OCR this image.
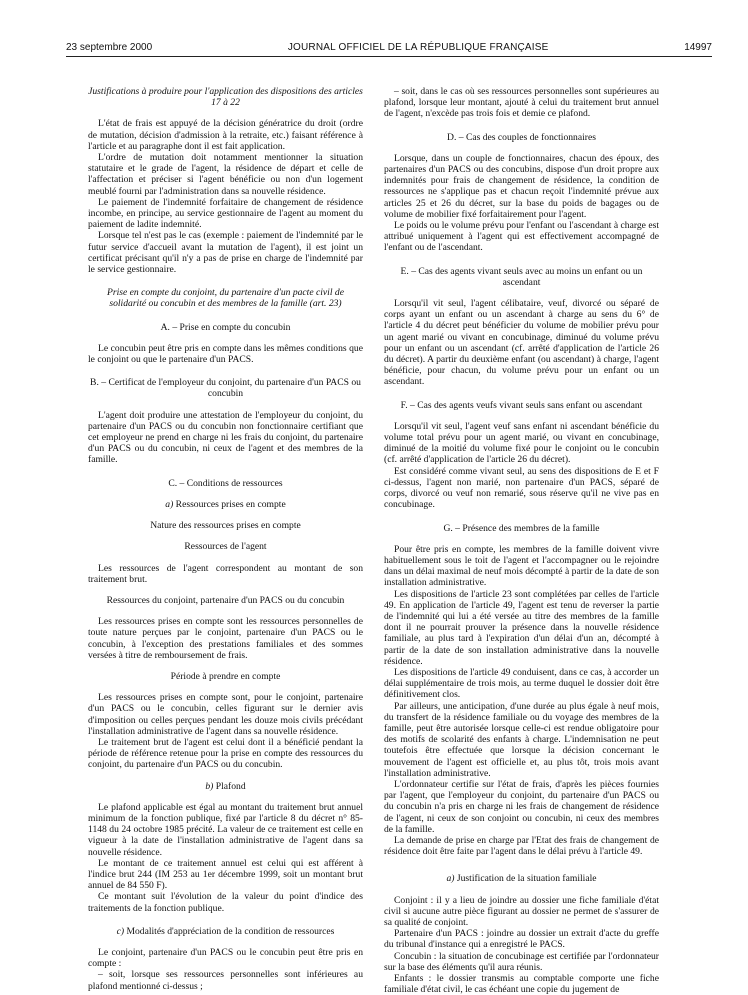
23 septembre 2000	JOURNAL OFFICIEL DE LA RÉPUBLIQUE FRANÇAISE	14997

Justifications à produire pour l'application des dispositions des articles 17 à 22

L'état de frais est appuyé de la décision génératrice du droit (ordre de mutation, décision d'admission à la retraite, etc.) faisant référence à l'article et au paragraphe dont il est fait application.

L'ordre de mutation doit notamment mentionner la situation statutaire et le grade de l'agent, la résidence de départ et celle de l'affectation et préciser si l'agent bénéficie ou non d'un logement meublé fourni par l'administration dans sa nouvelle résidence.

Le paiement de l'indemnité forfaitaire de changement de résidence incombe, en principe, au service gestionnaire de l'agent au moment du paiement de ladite indemnité.

Lorsque tel n'est pas le cas (exemple : paiement de l'indemnité par le futur service d'accueil avant la mutation de l'agent), il est joint un certificat précisant qu'il n'y a pas de prise en charge de l'indemnité par le service gestionnaire.

Prise en compte du conjoint, du partenaire d'un pacte civil de solidarité ou concubin et des membres de la famille (art. 23)

A. – Prise en compte du concubin

Le concubin peut être pris en compte dans les mêmes conditions que le conjoint ou que le partenaire d'un PACS.

B. – Certificat de l'employeur du conjoint, du partenaire d'un PACS ou concubin

L'agent doit produire une attestation de l'employeur du conjoint, du partenaire d'un PACS ou du concubin non fonctionnaire certifiant que cet employeur ne prend en charge ni les frais du conjoint, du partenaire d'un PACS ou du concubin, ni ceux de l'agent et des membres de la famille.

C. – Conditions de ressources

a) Ressources prises en compte

Nature des ressources prises en compte

Ressources de l'agent

Les ressources de l'agent correspondent au montant de son traitement brut.

Ressources du conjoint, partenaire d'un PACS ou du concubin

Les ressources prises en compte sont les ressources personnelles de toute nature perçues par le conjoint, partenaire d'un PACS ou le concubin, à l'exception des prestations familiales et des sommes versées à titre de remboursement de frais.

Période à prendre en compte

Les ressources prises en compte sont, pour le conjoint, partenaire d'un PACS ou le concubin, celles figurant sur le dernier avis d'imposition ou celles perçues pendant les douze mois civils précédant l'installation administrative de l'agent dans sa nouvelle résidence.

Le traitement brut de l'agent est celui dont il a bénéficié pendant la période de référence retenue pour la prise en compte des ressources du conjoint, du partenaire d'un PACS ou du concubin.

b) Plafond

Le plafond applicable est égal au montant du traitement brut annuel minimum de la fonction publique, fixé par l'article 8 du décret n° 85-1148 du 24 octobre 1985 précité. La valeur de ce traitement est celle en vigueur à la date de l'installation administrative de l'agent dans sa nouvelle résidence.

Le montant de ce traitement annuel est celui qui est afférent à l'indice brut 244 (IM 253 au 1er décembre 1999, soit un montant brut annuel de 84 550 F).

Ce montant suit l'évolution de la valeur du point d'indice des traitements de la fonction publique.

c) Modalités d'appréciation de la condition de ressources

Le conjoint, partenaire d'un PACS ou le concubin peut être pris en compte :

– soit, lorsque ses ressources personnelles sont inférieures au plafond mentionné ci-dessus ;

– soit, dans le cas où ses ressources personnelles sont supérieures au plafond, lorsque leur montant, ajouté à celui du traitement brut annuel de l'agent, n'excède pas trois fois et demie ce plafond.

D. – Cas des couples de fonctionnaires

Lorsque, dans un couple de fonctionnaires, chacun des époux, des partenaires d'un PACS ou des concubins, dispose d'un droit propre aux indemnités pour frais de changement de résidence, la condition de ressources ne s'applique pas et chacun reçoit l'indemnité prévue aux articles 25 et 26 du décret, sur la base du poids de bagages ou de volume de mobilier fixé forfaitairement pour l'agent.

Le poids ou le volume prévu pour l'enfant ou l'ascendant à charge est attribué uniquement à l'agent qui est effectivement accompagné de l'enfant ou de l'ascendant.

E. – Cas des agents vivant seuls avec au moins un enfant ou un ascendant

Lorsqu'il vit seul, l'agent célibataire, veuf, divorcé ou séparé de corps ayant un enfant ou un ascendant à charge au sens du 6° de l'article 4 du décret peut bénéficier du volume de mobilier prévu pour un agent marié ou vivant en concubinage, diminué du volume prévu pour un enfant ou un ascendant (cf. arrêté d'application de l'article 26 du décret). A partir du deuxième enfant (ou ascendant) à charge, l'agent bénéficie, pour chacun, du volume prévu pour un enfant ou un ascendant.

F. – Cas des agents veufs vivant seuls sans enfant ou ascendant

Lorsqu'il vit seul, l'agent veuf sans enfant ni ascendant bénéficie du volume total prévu pour un agent marié, ou vivant en concubinage, diminué de la moitié du volume fixé pour le conjoint ou le concubin (cf. arrêté d'application de l'article 26 du décret).

Est considéré comme vivant seul, au sens des dispositions de E et F ci-dessus, l'agent non marié, non partenaire d'un PACS, séparé de corps, divorcé ou veuf non remarié, sous réserve qu'il ne vive pas en concubinage.

G. – Présence des membres de la famille

Pour être pris en compte, les membres de la famille doivent vivre habituellement sous le toit de l'agent et l'accompagner ou le rejoindre dans un délai maximal de neuf mois décompté à partir de la date de son installation administrative.

Les dispositions de l'article 23 sont complétées par celles de l'article 49. En application de l'article 49, l'agent est tenu de reverser la partie de l'indemnité qui lui a été versée au titre des membres de la famille dont il ne pourrait prouver la présence dans la nouvelle résidence familiale, au plus tard à l'expiration d'un délai d'un an, décompté à partir de la date de son installation administrative dans la nouvelle résidence.

Les dispositions de l'article 49 conduisent, dans ce cas, à accorder un délai supplémentaire de trois mois, au terme duquel le dossier doit être définitivement clos.

Par ailleurs, une anticipation, d'une durée au plus égale à neuf mois, du transfert de la résidence familiale ou du voyage des membres de la famille, peut être autorisée lorsque celle-ci est rendue obligatoire pour des motifs de scolarité des enfants à charge. L'indemnisation ne peut toutefois être effectuée que lorsque la décision concernant le mouvement de l'agent est officielle et, au plus tôt, trois mois avant l'installation administrative.

L'ordonnateur certifie sur l'état de frais, d'après les pièces fournies par l'agent, que l'employeur du conjoint, du partenaire d'un PACS ou du concubin n'a pris en charge ni les frais de changement de résidence de l'agent, ni ceux de son conjoint ou concubin, ni ceux des membres de la famille.

La demande de prise en charge par l'Etat des frais de changement de résidence doit être faite par l'agent dans le délai prévu à l'article 49.

a) Justification de la situation familiale

Conjoint : il y a lieu de joindre au dossier une fiche familiale d'état civil si aucune autre pièce figurant au dossier ne permet de s'assurer de sa qualité de conjoint.

Partenaire d'un PACS : joindre au dossier un extrait d'acte du greffe du tribunal d'instance qui a enregistré le PACS.

Concubin : la situation de concubinage est certifiée par l'ordonnateur sur la base des éléments qu'il aura réunis.

Enfants : le dossier transmis au comptable comporte une fiche familiale d'état civil, le cas échéant une copie du jugement de
